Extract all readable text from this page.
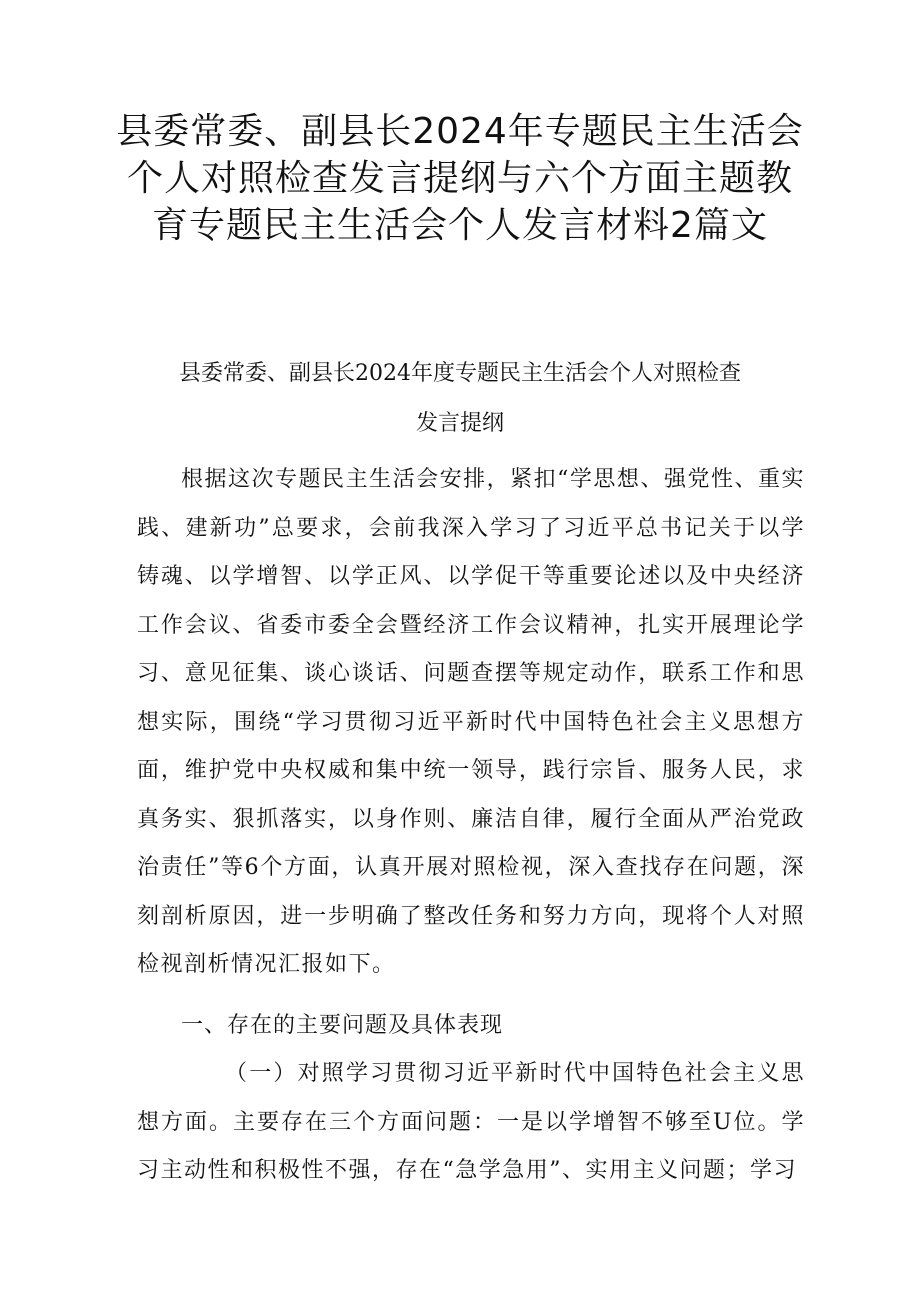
县委常委、副县长2024年专题民主生活会
个人对照检查发言提纲与六个方面主题教
育专题民主生活会个人发言材料2篇文
县委常委、副县长2024年度专题民主生活会个人对照检查
发言提纲

根据这次专题民主生活会安排，紧扣“学思想、强党性、重实践、建新功”总要求，会前我深入学习了习近平总书记关于以学铸魂、以学增智、以学正风、以学促干等重要论述以及中央经济工作会议、省委市委全会暨经济工作会议精神，扎实开展理论学习、意见征集、谈心谈话、问题查摆等规定动作，联系工作和思想实际，围绕“学习贯彻习近平新时代中国特色社会主义思想方面，维护党中央权威和集中统一领导，践行宗旨、服务人民，求真务实、狠抓落实，以身作则、廉洁自律，履行全面从严治党政治责任”等6个方面，认真开展对照检视，深入查找存在问题，深刻剖析原因，进一步明确了整改任务和努力方向，现将个人对照检视剖析情况汇报如下。

一、存在的主要问题及具体表现

（一）对照学习贯彻习近平新时代中国特色社会主义思想方面。主要存在三个方面问题：一是以学增智不够至U位。学习主动性和积极性不强，存在“急学急用”、实用主义问题；学习
